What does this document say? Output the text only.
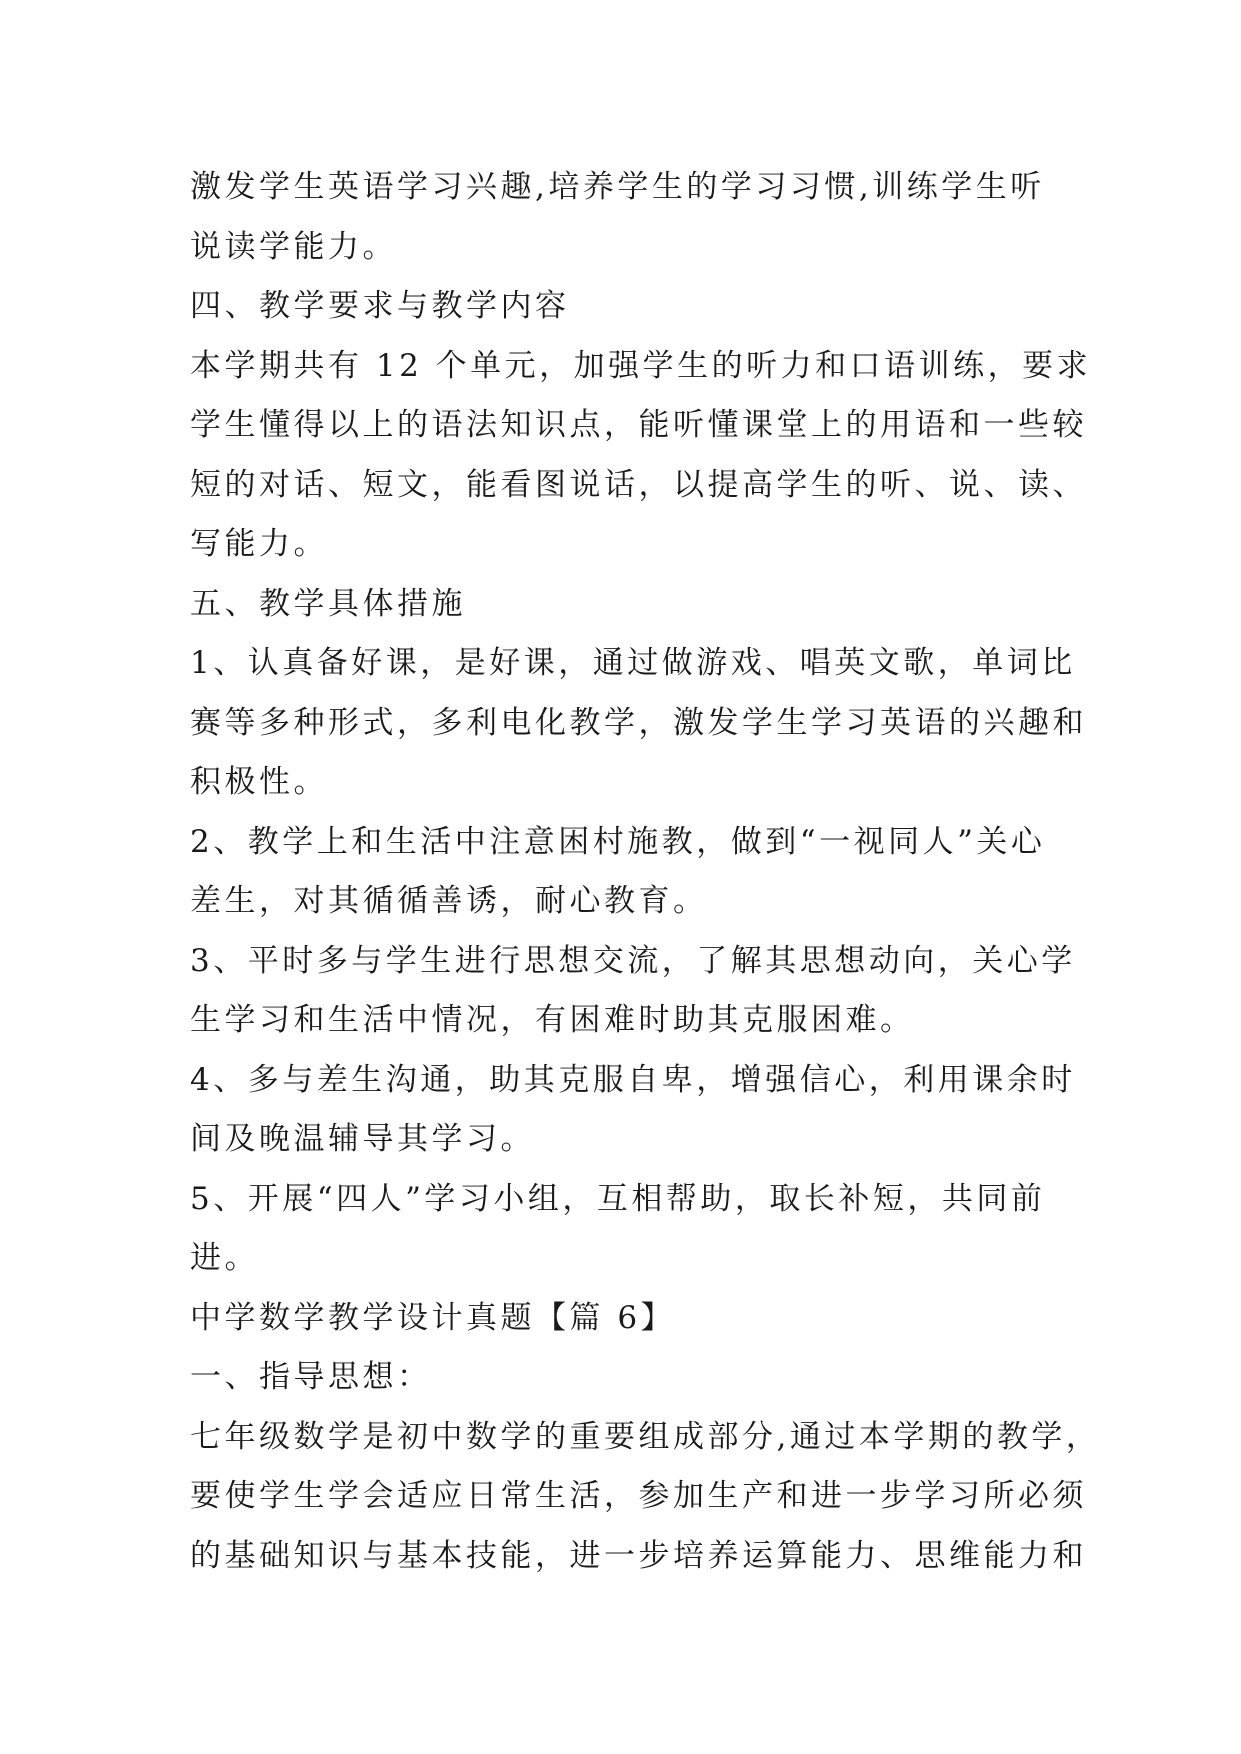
激发学生英语学习兴趣,培养学生的学习习惯,训练学生听
说读学能力。
四、教学要求与教学内容
本学期共有 12 个单元，加强学生的听力和口语训练，要求
学生懂得以上的语法知识点，能听懂课堂上的用语和一些较
短的对话、短文，能看图说话，以提高学生的听、说、读、
写能力。
五、教学具体措施
1、认真备好课，是好课，通过做游戏、唱英文歌，单词比
赛等多种形式，多利电化教学，激发学生学习英语的兴趣和
积极性。
2、教学上和生活中注意困村施教，做到“一视同人”关心
差生，对其循循善诱，耐心教育。
3、平时多与学生进行思想交流，了解其思想动向，关心学
生学习和生活中情况，有困难时助其克服困难。
4、多与差生沟通，助其克服自卑，增强信心，利用课余时
间及晚温辅导其学习。
5、开展“四人”学习小组，互相帮助，取长补短，共同前
进。
中学数学教学设计真题【篇 6】
一、指导思想：
七年级数学是初中数学的重要组成部分,通过本学期的教学，
要使学生学会适应日常生活，参加生产和进一步学习所必须
的基础知识与基本技能，进一步培养运算能力、思维能力和
